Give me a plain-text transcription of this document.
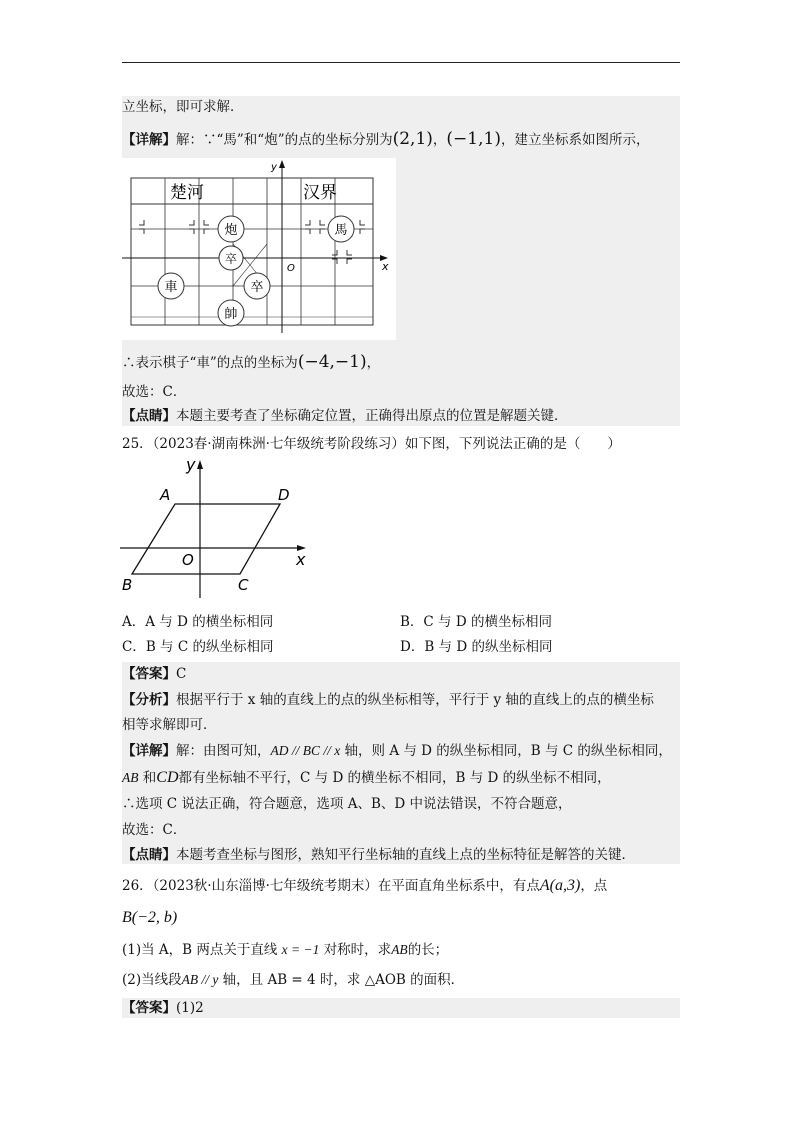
立坐标，即可求解．
【详解】解：∵“馬”和“炮”的点的坐标分别为(2,1)，(−1,1)，建立坐标系如图所示，
y
x
O
楚河	汉界
炮	馬
卒
車	卒
帥
∴表示棋子“車”的点的坐标为(−4,−1)，
故选：C．
【点睛】本题主要考查了坐标确定位置，正确得出原点的位置是解题关键．
25．（2023春·湖南株洲·七年级统考阶段练习）如下图，下列说法正确的是（　　）
y
x
O
A	D
B	C
A．A 与 D 的横坐标相同	B．C 与 D 的横坐标相同
C．B 与 C 的纵坐标相同	D．B 与 D 的纵坐标相同
【答案】C
【分析】根据平行于 x 轴的直线上的点的纵坐标相等，平行于 y 轴的直线上的点的横坐标
相等求解即可．
【详解】解：由图可知，AD // BC // x 轴，则 A 与 D 的纵坐标相同，B 与 C 的纵坐标相同，
AB 和CD都有坐标轴不平行，C 与 D 的横坐标不相同，B 与 D 的纵坐标不相同，
∴选项 C 说法正确，符合题意，选项 A、B、D 中说法错误，不符合题意，
故选：C．
【点睛】本题考查坐标与图形，熟知平行坐标轴的直线上点的坐标特征是解答的关键．
26．（2023秋·山东淄博·七年级统考期末）在平面直角坐标系中，有点A(a,3)，点
B(−2, b)
(1)当 A，B 两点关于直线 x = −1 对称时，求AB的长；
(2)当线段AB // y 轴，且 AB = 4 时，求 △AOB 的面积．
【答案】(1)2
